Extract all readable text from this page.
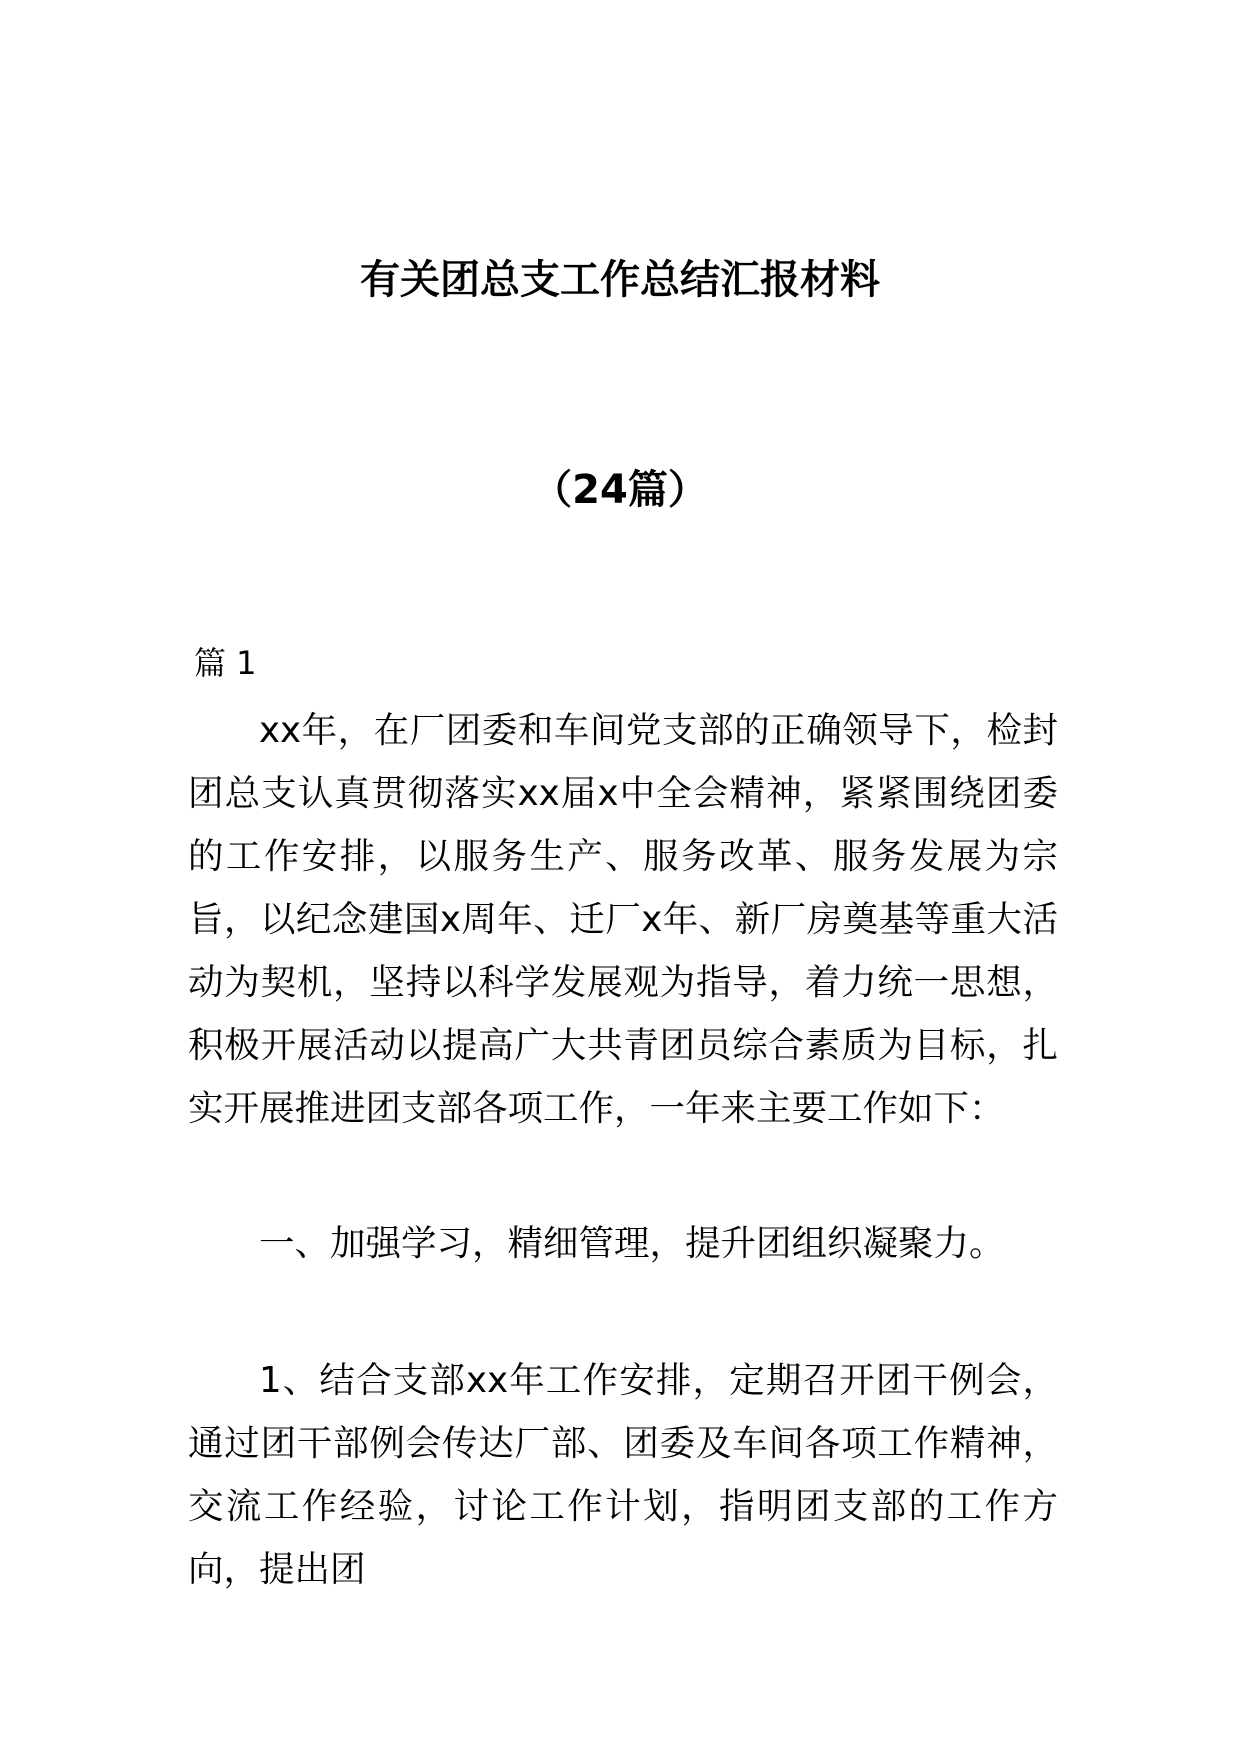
有关团总支工作总结汇报材料
（24篇）
篇 1

xx年，在厂团委和车间党支部的正确领导下，检封团总支认真贯彻落实xx届x中全会精神，紧紧围绕团委的工作安排，以服务生产、服务改革、服务发展为宗旨，以纪念建国x周年、迁厂x年、新厂房奠基等重大活动为契机，坚持以科学发展观为指导，着力统一思想，积极开展活动以提高广大共青团员综合素质为目标，扎实开展推进团支部各项工作，一年来主要工作如下：

一、加强学习，精细管理，提升团组织凝聚力。

1、结合支部xx年工作安排，定期召开团干例会，通过团干部例会传达厂部、团委及车间各项工作精神，交流工作经验，讨论工作计划，指明团支部的工作方向，提出团
